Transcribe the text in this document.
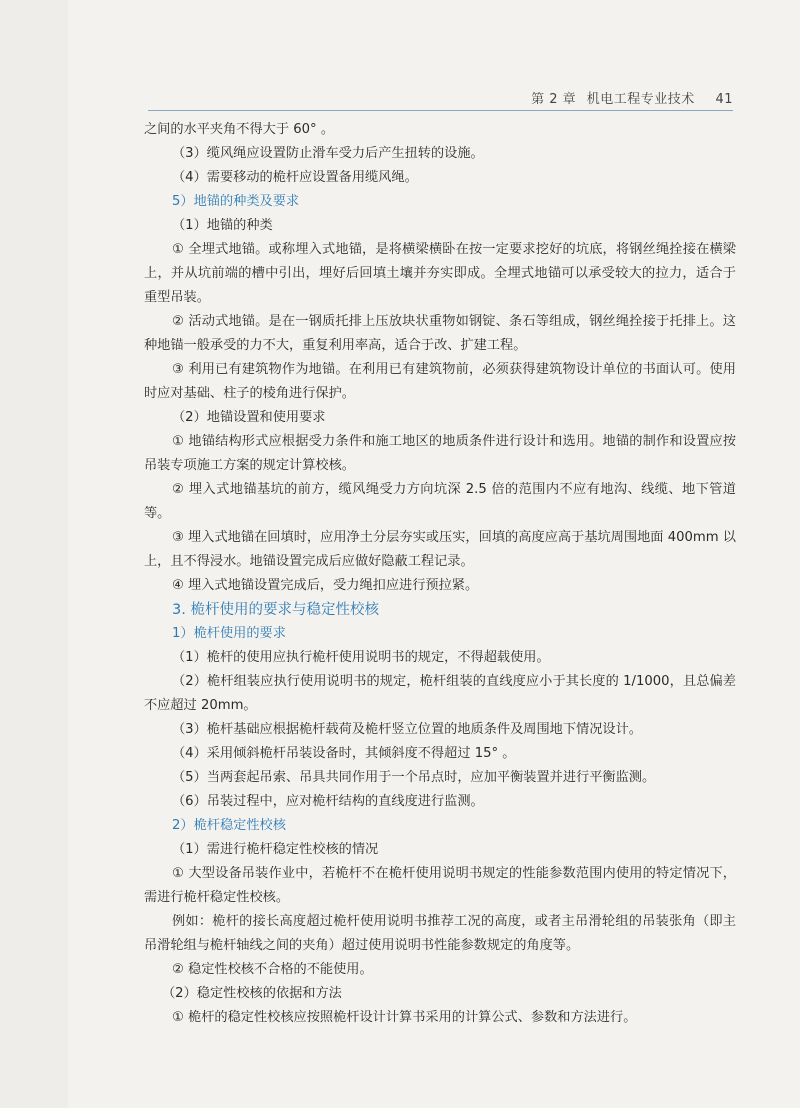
第 2 章 机电工程专业技术 41

之间的水平夹角不得大于 60° 。

（3）缆风绳应设置防止滑车受力后产生扭转的设施。

（4）需要移动的桅杆应设置备用缆风绳。

5）地锚的种类及要求

（1）地锚的种类

① 全埋式地锚。或称埋入式地锚，是将横梁横卧在按一定要求挖好的坑底，将钢丝绳拴接在横梁上，并从坑前端的槽中引出，埋好后回填土壤并夯实即成。全埋式地锚可以承受较大的拉力，适合于重型吊装。

② 活动式地锚。是在一钢质托排上压放块状重物如钢锭、条石等组成，钢丝绳拴接于托排上。这种地锚一般承受的力不大，重复利用率高，适合于改、扩建工程。

③ 利用已有建筑物作为地锚。在利用已有建筑物前，必须获得建筑物设计单位的书面认可。使用时应对基础、柱子的棱角进行保护。

（2）地锚设置和使用要求

① 地锚结构形式应根据受力条件和施工地区的地质条件进行设计和选用。地锚的制作和设置应按吊装专项施工方案的规定计算校核。

② 埋入式地锚基坑的前方，缆风绳受力方向坑深 2.5 倍的范围内不应有地沟、线缆、地下管道等。

③ 埋入式地锚在回填时，应用净土分层夯实或压实，回填的高度应高于基坑周围地面 400mm 以上，且不得浸水。地锚设置完成后应做好隐蔽工程记录。

④ 埋入式地锚设置完成后，受力绳扣应进行预拉紧。

3. 桅杆使用的要求与稳定性校核

1）桅杆使用的要求

（1）桅杆的使用应执行桅杆使用说明书的规定，不得超载使用。

（2）桅杆组装应执行使用说明书的规定，桅杆组装的直线度应小于其长度的 1/1000，且总偏差不应超过 20mm。

（3）桅杆基础应根据桅杆载荷及桅杆竖立位置的地质条件及周围地下情况设计。

（4）采用倾斜桅杆吊装设备时，其倾斜度不得超过 15° 。

（5）当两套起吊索、吊具共同作用于一个吊点时，应加平衡装置并进行平衡监测。

（6）吊装过程中，应对桅杆结构的直线度进行监测。

2）桅杆稳定性校核

（1）需进行桅杆稳定性校核的情况

① 大型设备吊装作业中，若桅杆不在桅杆使用说明书规定的性能参数范围内使用的特定情况下，需进行桅杆稳定性校核。

例如：桅杆的接长高度超过桅杆使用说明书推荐工况的高度，或者主吊滑轮组的吊装张角（即主吊滑轮组与桅杆轴线之间的夹角）超过使用说明书性能参数规定的角度等。

② 稳定性校核不合格的不能使用。

（2）稳定性校核的依据和方法

① 桅杆的稳定性校核应按照桅杆设计计算书采用的计算公式、参数和方法进行。
